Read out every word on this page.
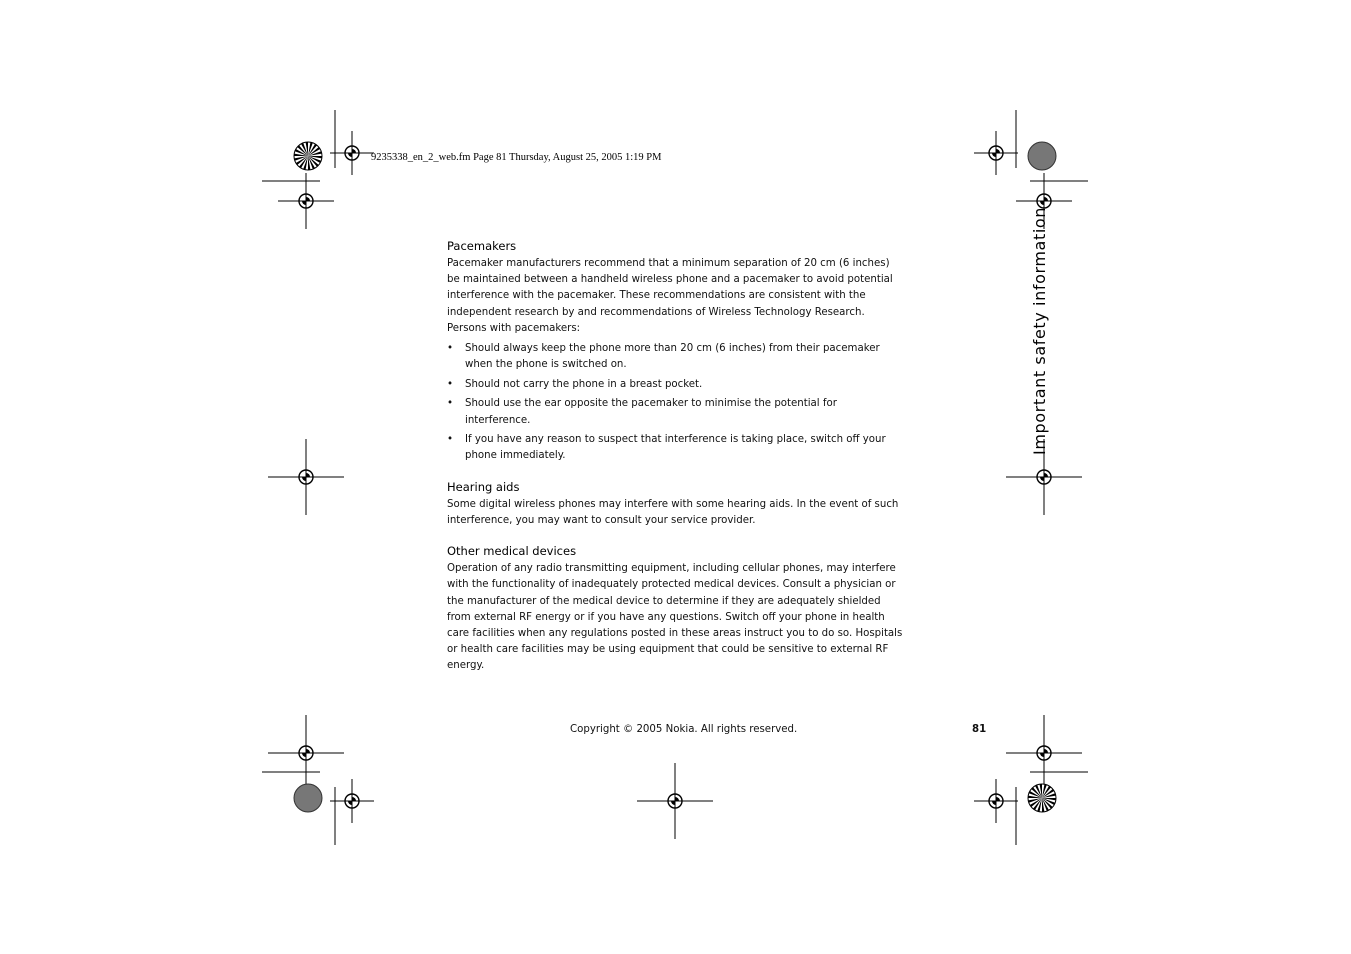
9235338_en_2_web.fm Page 81 Thursday, August 25, 2005 1:19 PM
Important safety information
Pacemakers

Pacemaker manufacturers recommend that a minimum separation of 20 cm (6 inches) be maintained between a handheld wireless phone and a pacemaker to avoid potential interference with the pacemaker. These recommendations are consistent with the independent research by and recommendations of Wireless Technology Research. Persons with pacemakers:

• Should always keep the phone more than 20 cm (6 inches) from their pacemaker when the phone is switched on.
• Should not carry the phone in a breast pocket.
• Should use the ear opposite the pacemaker to minimise the potential for interference.
• If you have any reason to suspect that interference is taking place, switch off your phone immediately.
Hearing aids

Some digital wireless phones may interfere with some hearing aids. In the event of such interference, you may want to consult your service provider.

Other medical devices

Operation of any radio transmitting equipment, including cellular phones, may interfere with the functionality of inadequately protected medical devices. Consult a physician or the manufacturer of the medical device to determine if they are adequately shielded from external RF energy or if you have any questions. Switch off your phone in health care facilities when any regulations posted in these areas instruct you to do so. Hospitals or health care facilities may be using equipment that could be sensitive to external RF energy.

Copyright © 2005 Nokia. All rights reserved.	81
